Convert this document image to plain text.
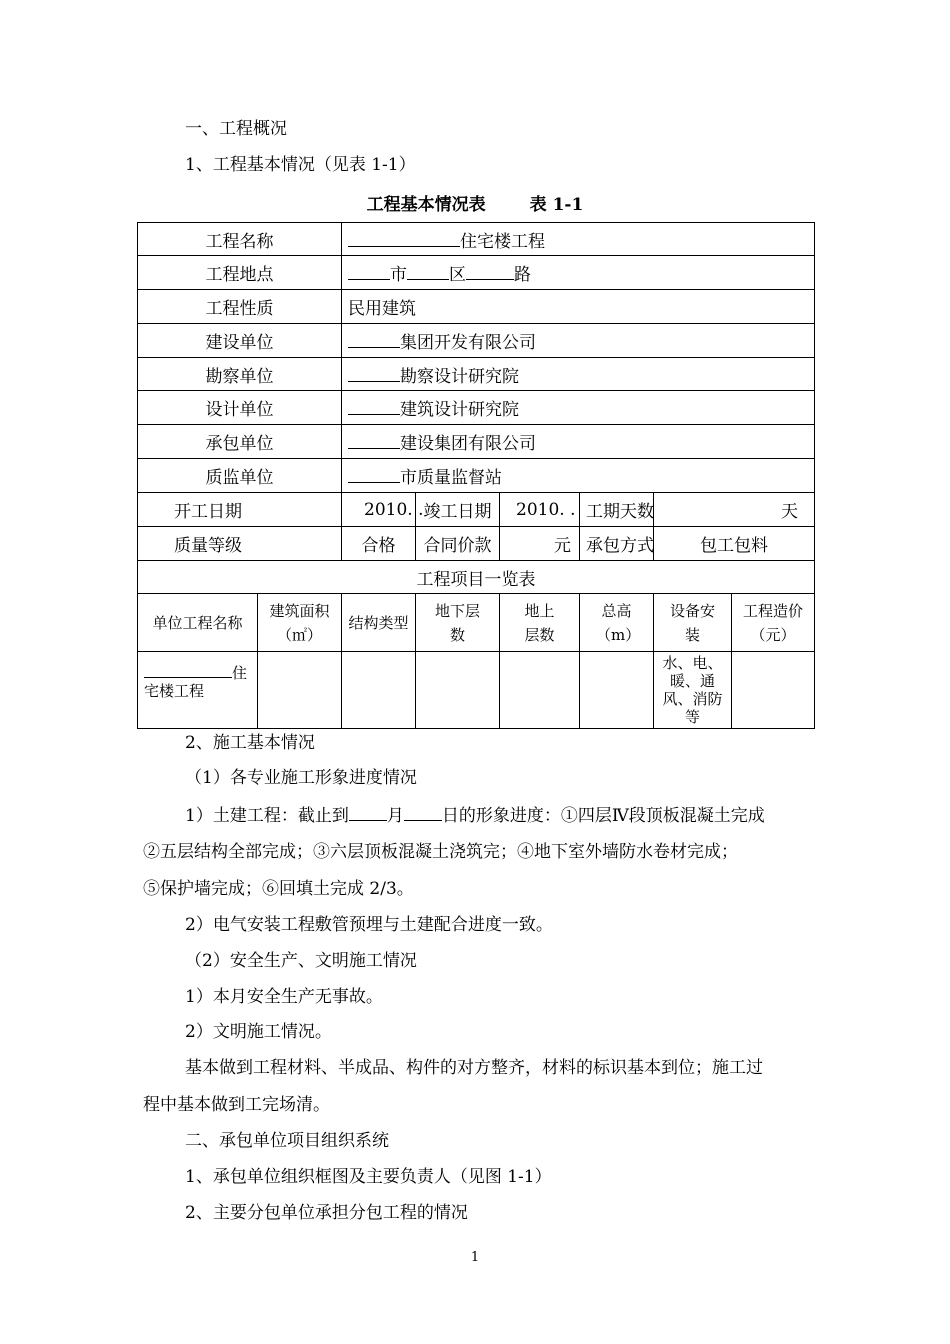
一、工程概况
1、工程基本情况（见表 1-1）
工程基本情况表	表 1-1
工程名称		住宅楼工程					
工程地点		市 区 路					
工程性质		民用建筑					
建设单位		集团开发有限公司					
勘察单位		勘察设计研究院					
设计单位		建筑设计研究院					
承包单位		建设集团有限公司					
质监单位		市质量监督站					
开工日期		2010. .	竣工日期	2010. .	工期天数	天	
质量等级		合格	合同价款	元	承包方式	包工包料	
工程项目一览表							
单位工程名称	建筑面积（㎡）	结构类型	地下层数	地上层数	总高（m）	设备安装	工程造价（元）
住
宅楼工程						水、电、暖、通风、消防等	
2、施工基本情况
（1）各专业施工形象进度情况
1）土建工程：截止到 月 日的形象进度：①四层Ⅳ段顶板混凝土完成
②五层结构全部完成；③六层顶板混凝土浇筑完；④地下室外墙防水卷材完成；
⑤保护墙完成；⑥回填土完成 2/3。
2）电气安装工程敷管预埋与土建配合进度一致。
（2）安全生产、文明施工情况
1）本月安全生产无事故。
2）文明施工情况。
基本做到工程材料、半成品、构件的对方整齐，材料的标识基本到位；施工过
程中基本做到工完场清。
二、承包单位项目组织系统
1、承包单位组织框图及主要负责人（见图 1-1）
2、主要分包单位承担分包工程的情况
1
